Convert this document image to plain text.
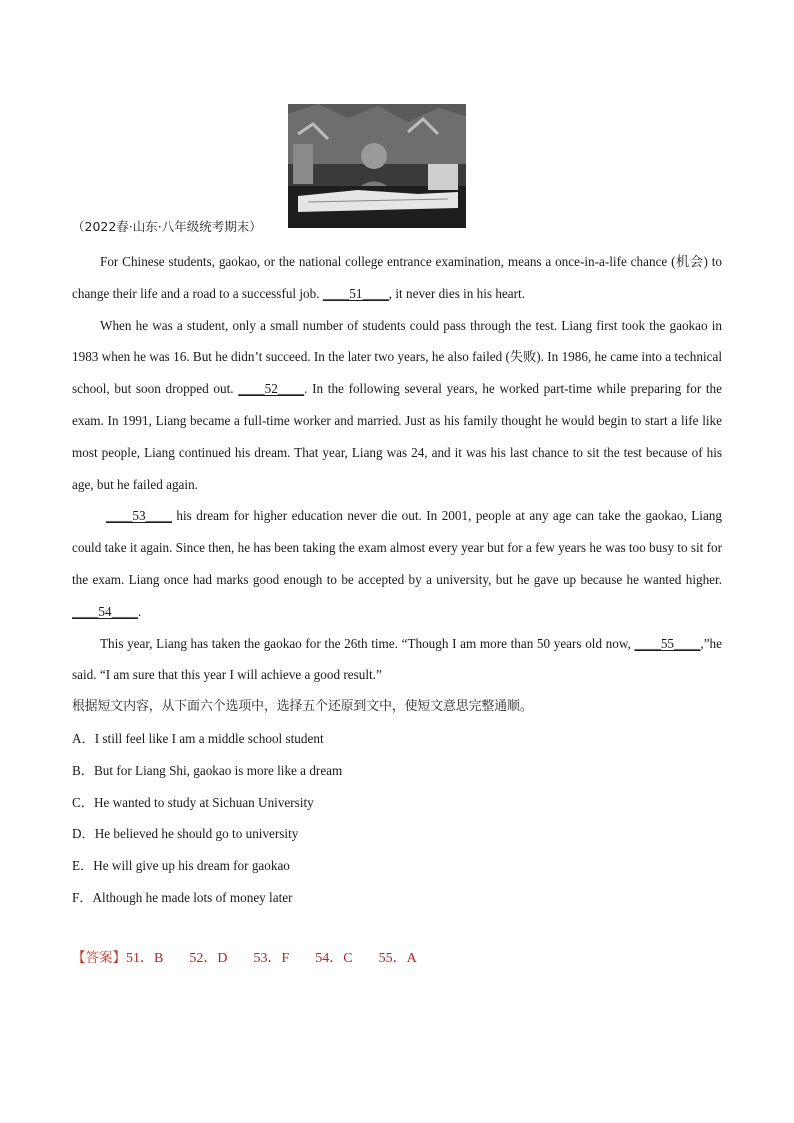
（2022春·山东·八年级统考期末）

For Chinese students, gaokao, or the national college entrance examination, means a once-in-a-life chance (机会) to change their life and a road to a successful job. ____51____, it never dies in his heart.

When he was a student, only a small number of students could pass through the test. Liang first took the gaokao in 1983 when he was 16. But he didn’t succeed. In the later two years, he also failed (失败). In 1986, he came into a technical school, but soon dropped out. ____52____. In the following several years, he worked part-time while preparing for the exam. In 1991, Liang became a full-time worker and married. Just as his family thought he would begin to start a life like most people, Liang continued his dream. That year, Liang was 24, and it was his last chance to sit the test because of his age, but he failed again.

____53____ his dream for higher education never die out. In 2001, people at any age can take the gaokao, Liang could take it again. Since then, he has been taking the exam almost every year but for a few years he was too busy to sit for the exam. Liang once had marks good enough to be accepted by a university, but he gave up because he wanted higher. ____54____.

This year, Liang has taken the gaokao for the 26th time. “Though I am more than 50 years old now, ____55____,”he said. “I am sure that this year I will achieve a good result.”

根据短文内容，从下面六个选项中，选择五个还原到文中，使短文意思完整通顺。

A．I still feel like I am a middle school student
B．But for Liang Shi, gaokao is more like a dream
C．He wanted to study at Sichuan University
D．He believed he should go to university
E．He will give up his dream for gaokao
F．Although he made lots of money later
【答案】51．B 52．D 53．F 54．C 55．A
